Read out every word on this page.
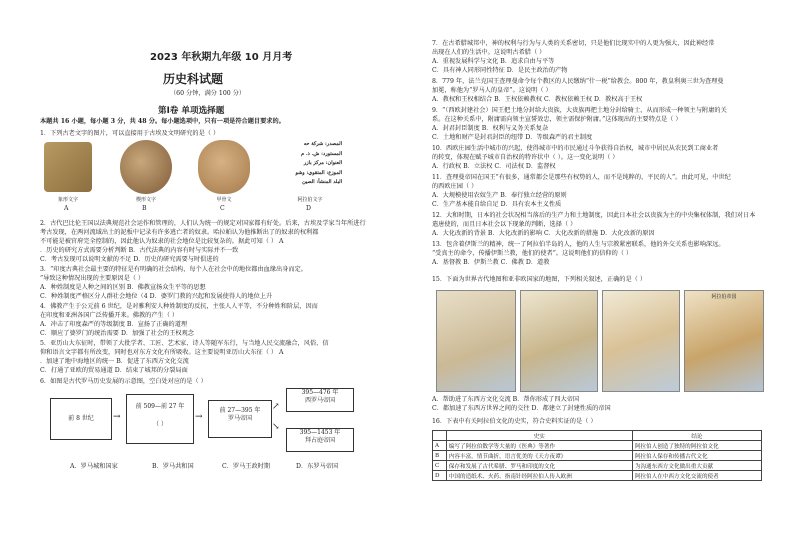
2023 年秋期九年级 10 月月考
历史科试题
（60 分钟，满分 100 分）
第Ⅰ卷 单项选择题
本题共 16 小题，每小题 3 分，共 48 分。每小题选项中，只有一项是符合题目要求的。
1．下列古老文字的图片，可以直接用于古埃及文明研究的是（ ）
المصدر: شركة حه
المستورد: ش. ذ. م
العنوان: مركز بازر
الموزع: المتقوي: وشو
البلد المنشأ: الصين
象形文字	楔形文字	甲骨文	阿拉伯文字
A	B	C	D
2．古代巴比伦王国以法典规范社会运作和管理的，人们认为统一的规定对国家都有好处。后来，古埃及学家当年所进行
考古发现，在两河流域出土的泥板中记录有许多逃亡者的奴隶。哈拉帕认为他推断出了的奴隶的权利都
不可能是被官府完全控制的，因此他认为奴隶的社会地位是比较复杂的。据此可知（ ） A
．历史的研究方式需要分析判断 B．古代法典的内容有时与实际并不一致
C．考古发现可以说明文献的不足 D．历史的研究需要与时俱进的
3．“印度古典社会最主要的特征是有明确的社会结构，每个人在社会中的地位都由血缘出身而定。
”导致这种情况出现的主要原因是（ ）
A．种姓制度是人种之间的区别 B．佛教宣扬众生平等的思想
C．种姓制度严格区分人群社会地位（4 D．婆罗门教的兴起和发展使得人的地位上升
4．佛教产生于公元前 6 世纪，是对雅利安人种姓制度的反抗，主张人人平等，不分种姓和阶层，因而
在印度和亚洲各国广泛传播开来。佛教的产生（ ）
A．冲击了印度森严的等级制度 B．宣扬了正确的道理
C．顺应了婆罗门的统治需要 D．加强了社会的王权观念
5．亚历山大东征时，带领了大批学者、工匠、艺术家、诗人等随军东行，与当地人民交流融合，风俗、信
仰和语言文字都有所改变，同时也对东方文化有所吸收。这主要说明亚历山大东征（ ） A
．加速了地中海地区的统一 B．促进了东西方文化交流
C．打通了亚欧的贸易通道 D．结束了城邦的分裂局面
6．如图是古代罗马历史发展的示意图，空白处对应的是（ ）
前 8 世纪	→
前 509—前 27 年
（ ）
→
前 27—395 年
罗马帝国
↗
↘
395—476 年
西罗马帝国
395—1453 年
拜占庭帝国
A．罗马城和国家	B．罗马共和国	C．罗马王政时期	D．东罗马帝国
7．在古希腊城邦中，神的权利与行为与人类的关系密切，只是他们比现实中的人更为强大，因此神经常
出现在人们的生活中。这说明古希腊（ ）
A．重视发展科学与文化 B．追求自由与平等
C．具有神人同形同性特征 D．是民主政治的产物
8．779 年，法兰克国王查理曼命令每个教区的人民缴纳“什一税”给教会。800 年，教皇利奥三世为查理曼
加冕，称他为“罗马人的皇帝”。这说明（ ）
A．教权和王权相结合 B．王权依赖教权 C．教权依赖王权 D．教权高于王权
9．“（西欧封建社会）国王把土地分封给大贵族，大贵族再把土地分封给骑士，从而形成一种领主与附庸的关
系。在这种关系中，附庸需向领主宣誓效忠，领主需保护附庸。”这体现出的主要特点是（ ）
A．封君封臣制度 B．权利与义务关系复杂
C．土地和财产是封君封臣的纽带 D．等级森严的君主制度
10．西欧庄园生活中城市的兴起，使得城市中的市民通过斗争获得自治权，城市中居民从农民到工商业者
的转变，体现在赋予城市自治权的特许状中（ ）。这一变化说明（ ）
A．行政权 B．立法权 C．司法权 D．监督权
11．查理曼帝国在国王“有很多，通常都会是那些有权势的人，而不是纯粹的、平民的人”。由此可见，中世纪
的西欧庄园（ ）
A．大规模使用农奴生产 B．奉行独立经营的原则
C．生产基本能自给自足 D．具有农本主义性质
12．大和时期，日本的社会状况相当落后的生产力和土地制度，因此日本社会以贵族为主的中央集权体制，我们对日本
遣唐使的，而且日本社会以下现象的判断，选择（ ）
A．大化改新的背景 B．大化改新的影响 C．大化改新的措施 D．大化改新的原因
13．包含着伊斯兰的精神，统一了阿拉伯半岛的人，他的人生与宗教紧密联系，他的外交关系也影响深远。
“受真主的命令，传播伊斯兰教，他们的使者”。这说明他们的信仰的（ ）
A．基督教 B．伊斯兰教 C．佛教 D．道教
15．下面为世界古代地图和亚非欧国家的地图，下列相关叙述，正确的是（ ）
阿拉伯帝国
A．帮助进了东西方文化交流 B．帮你形成了四大帝国
C．都加速了东西方世界之间的交往 D．都建立了封建性质的帝国
16．下表中有关阿拉伯文化的史实，符合史料实证的是（ ）
	史实	结论
A	编写了阿拉伯数学等大量的《医典》等著作	阿拉伯人创造了独特的阿拉伯文化
B	内容丰富，情节曲折，语言优美的《天方夜谭》	阿拉伯人保存和传播古代文化
C	保存和发展了古代希腊、罗马和印度的文化	为沟通东西方文化做出重大贡献
D	中国的造纸术、火药、指南针经阿拉伯人传入欧洲	阿拉伯人在中西方文化交流的使者
